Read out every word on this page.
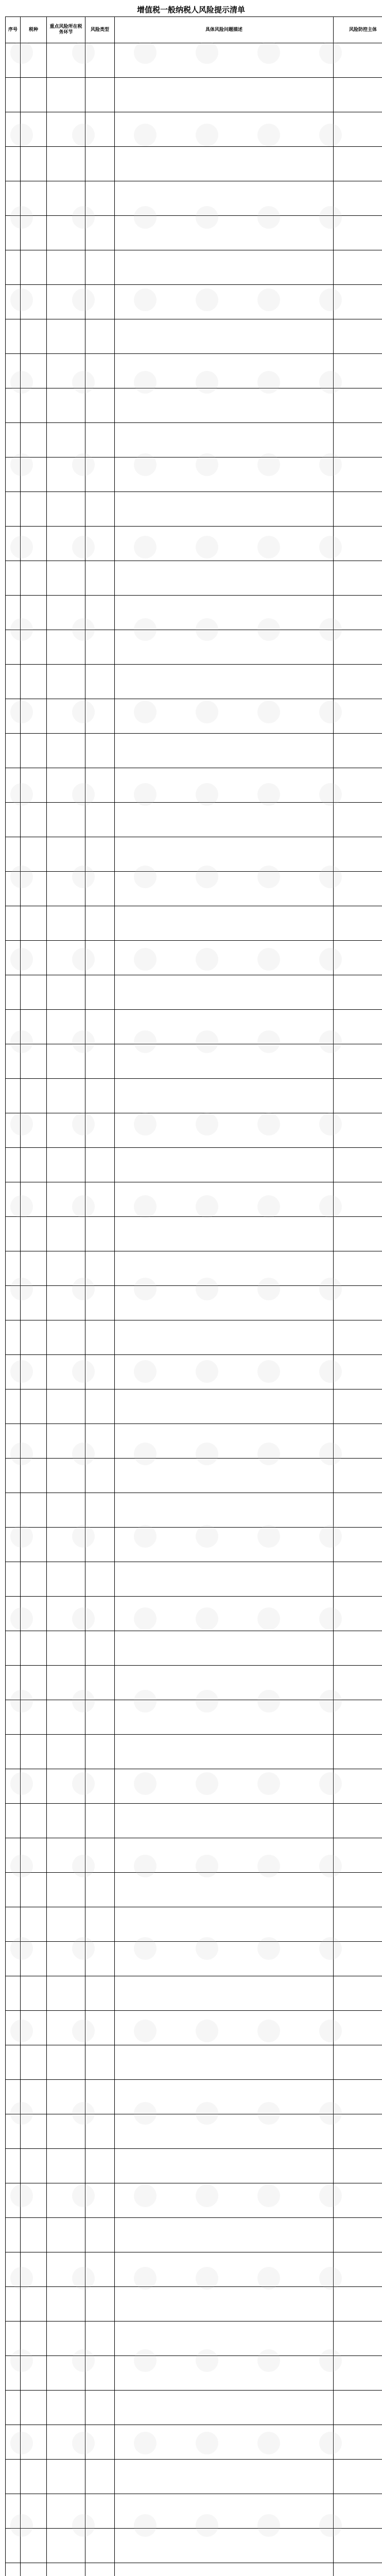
增值税一般纳税人风险提示清单
序号	税种	重点风险所在税务环节	风险类型	具体风险问题描述	风险防控主体
